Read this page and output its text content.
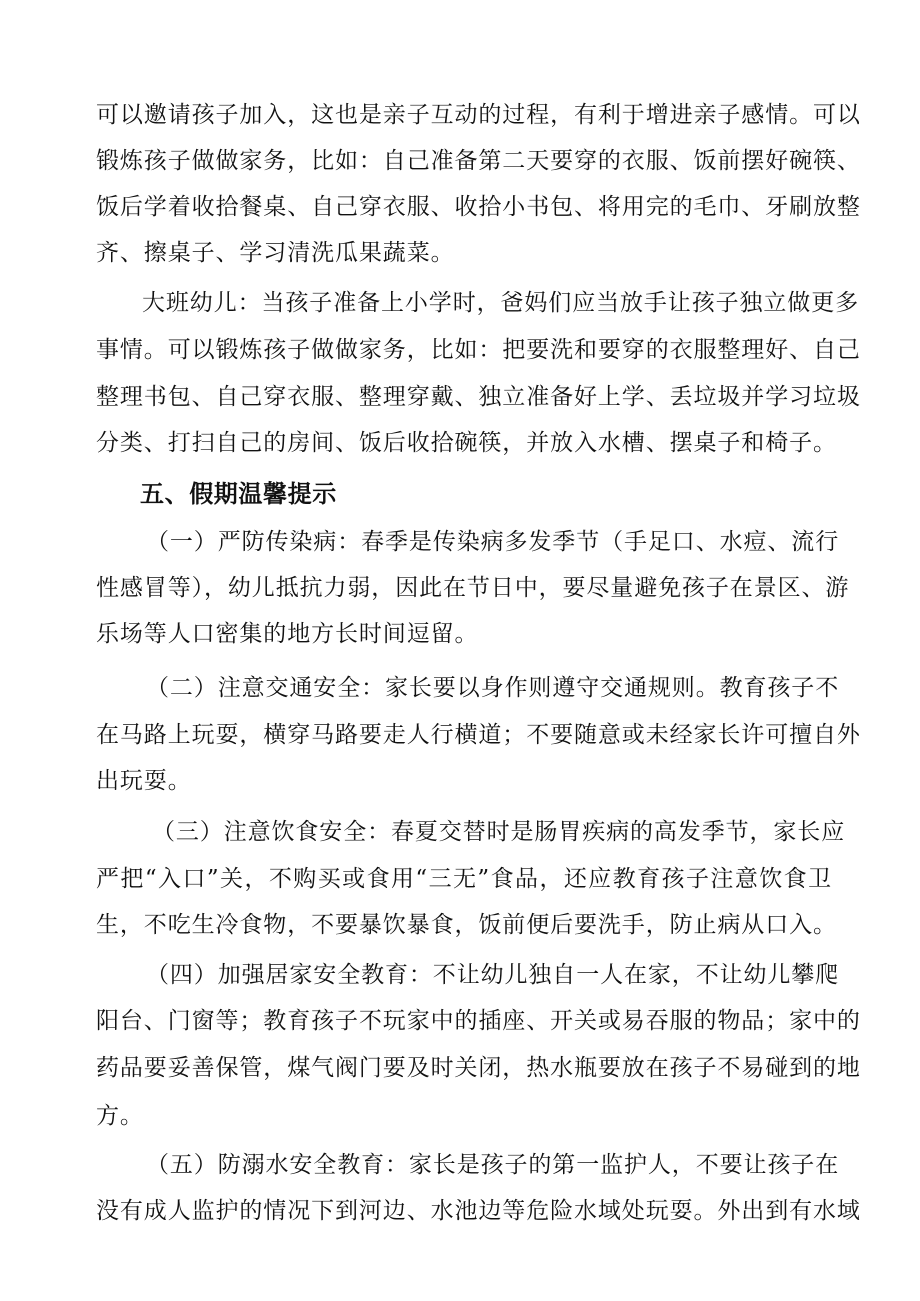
可以邀请孩子加入，这也是亲子互动的过程，有利于增进亲子感情。可以
锻炼孩子做做家务，比如：自己准备第二天要穿的衣服、饭前摆好碗筷、
饭后学着收拾餐桌、自己穿衣服、收拾小书包、将用完的毛巾、牙刷放整
齐、擦桌子、学习清洗瓜果蔬菜。
大班幼儿：当孩子准备上小学时，爸妈们应当放手让孩子独立做更多
事情。可以锻炼孩子做做家务，比如：把要洗和要穿的衣服整理好、自己
整理书包、自己穿衣服、整理穿戴、独立准备好上学、丢垃圾并学习垃圾
分类、打扫自己的房间、饭后收拾碗筷，并放入水槽、摆桌子和椅子。
五、假期温馨提示
（一）严防传染病：春季是传染病多发季节（手足口、水痘、流行
性感冒等），幼儿抵抗力弱，因此在节日中，要尽量避免孩子在景区、游
乐场等人口密集的地方长时间逗留。
（二）注意交通安全：家长要以身作则遵守交通规则。教育孩子不
在马路上玩耍，横穿马路要走人行横道；不要随意或未经家长许可擅自外
出玩耍。
（三）注意饮食安全：春夏交替时是肠胃疾病的高发季节，家长应
严把“入口”关，不购买或食用“三无”食品，还应教育孩子注意饮食卫
生，不吃生冷食物，不要暴饮暴食，饭前便后要洗手，防止病从口入。
（四）加强居家安全教育：不让幼儿独自一人在家，不让幼儿攀爬
阳台、门窗等；教育孩子不玩家中的插座、开关或易吞服的物品；家中的
药品要妥善保管，煤气阀门要及时关闭，热水瓶要放在孩子不易碰到的地
方。
（五）防溺水安全教育：家长是孩子的第一监护人，不要让孩子在
没有成人监护的情况下到河边、水池边等危险水域处玩耍。外出到有水域
